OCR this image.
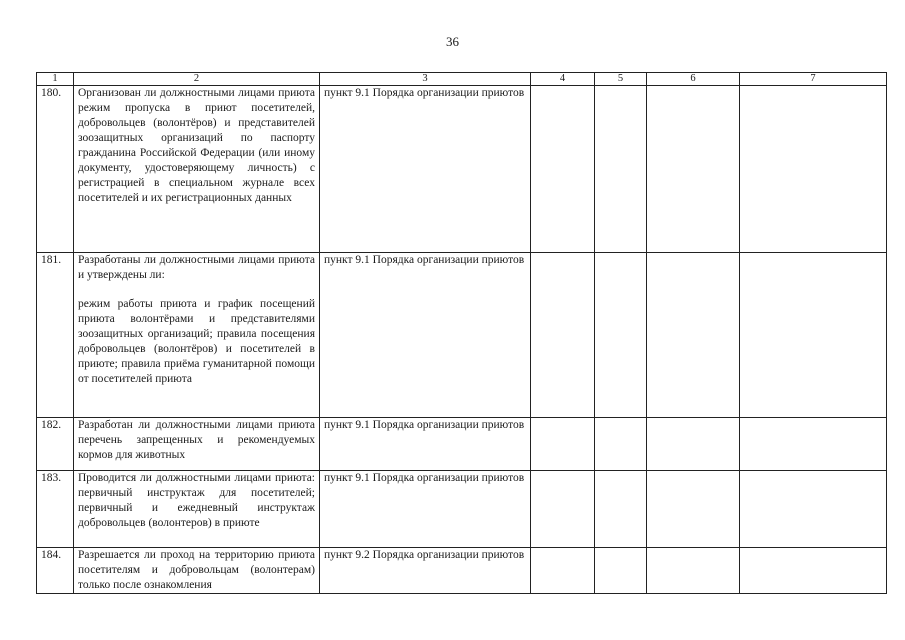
36
1	2	3	4	5	6	7
180.	Организован ли должностными лицами приюта режим пропуска в приют посетителей, добровольцев (волонтёров) и представителей зоозащитных организаций по паспорту гражданина Российской Федерации (или иному документу, удостоверяющему личность) с регистрацией в специальном журнале всех посетителей и их регистрационных данных	пункт 9.1 Порядка организации приютов				
181.	Разработаны ли должностными лицами приюта и утверждены ли:

режим работы приюта и график посещений приюта волонтёрами и представителями зоозащитных организаций; правила посещения добровольцев (волонтёров) и посетителей в приюте; правила приёма гуманитарной помощи от посетителей приюта	пункт 9.1 Порядка организации приютов				
182.	Разработан ли должностными лицами приюта перечень запрещенных и рекомендуемых кормов для животных	пункт 9.1 Порядка организации приютов				
183.	Проводится ли должностными лицами приюта: первичный инструктаж для посетителей; первичный и ежедневный инструктаж добровольцев (волонтеров) в приюте	пункт 9.1 Порядка организации приютов				
184.	Разрешается ли проход на территорию приюта посетителям и добровольцам (волонтерам) только после ознакомления	пункт 9.2 Порядка организации приютов				
